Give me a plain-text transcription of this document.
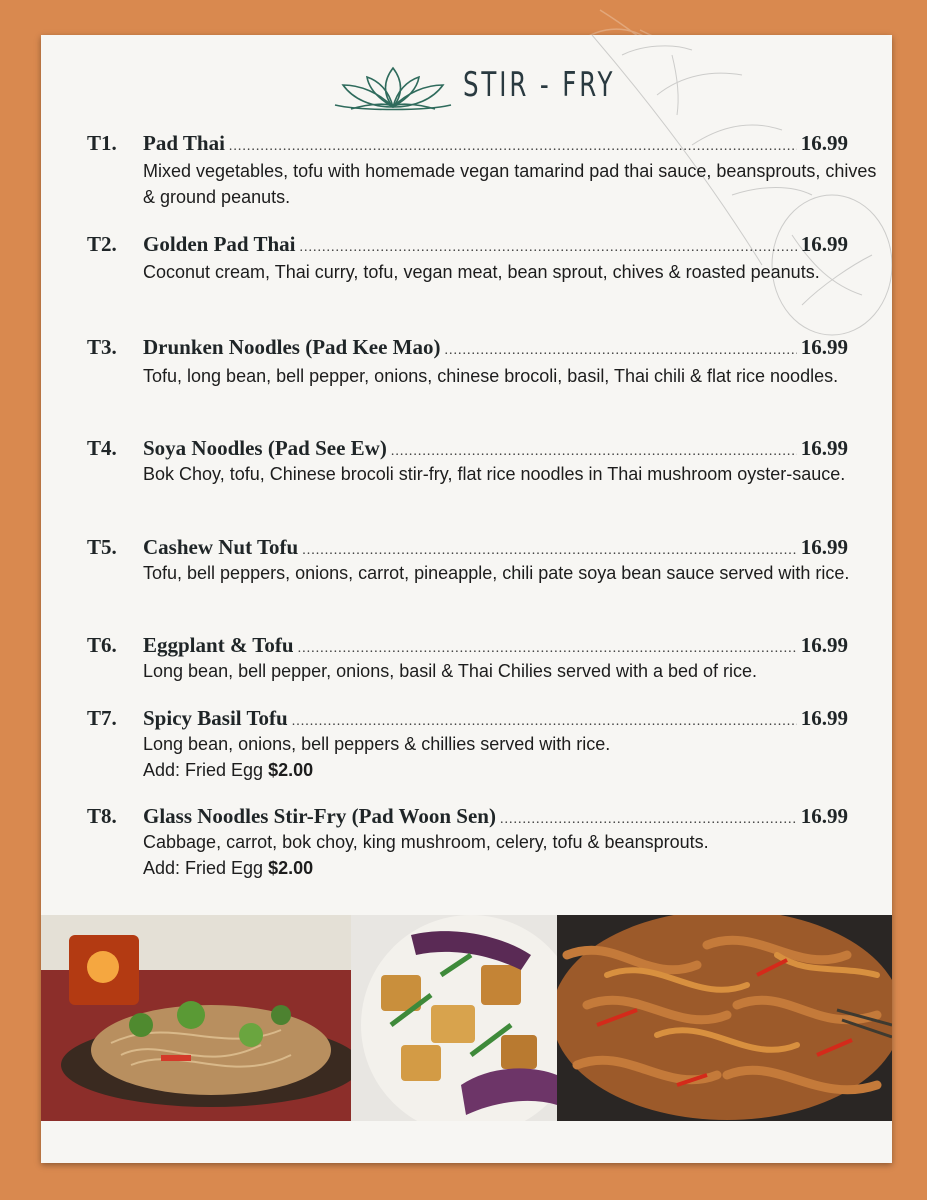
STIR - FRY
T1. Pad Thai .....	16.99
Mixed vegetables, tofu with homemade vegan tamarind pad thai sauce, beansprouts, chives & ground peanuts.
T2. Golden Pad Thai .....	16.99
Coconut cream, Thai curry, tofu, vegan meat, bean sprout, chives & roasted peanuts.
T3. Drunken Noodles (Pad Kee Mao) .....	16.99
Tofu, long bean, bell pepper, onions, chinese brocoli, basil, Thai chili & flat rice noodles.
T4. Soya Noodles (Pad See Ew) .....	16.99
Bok Choy, tofu, Chinese brocoli stir-fry, flat rice noodles in Thai mushroom oyster-sauce.
T5. Cashew Nut Tofu .....	16.99
Tofu, bell peppers, onions, carrot, pineapple, chili pate soya bean sauce served with rice.
T6. Eggplant & Tofu .....	16.99
Long bean, bell pepper, onions, basil & Thai Chilies served with a bed of rice.
T7. Spicy Basil Tofu .....	16.99
Long bean, onions, bell peppers & chillies served with rice.
Add: Fried Egg $2.00
T8. Glass Noodles Stir-Fry (Pad Woon Sen) .....	16.99
Cabbage, carrot, bok choy, king mushroom, celery, tofu & beansprouts.
Add: Fried Egg $2.00
